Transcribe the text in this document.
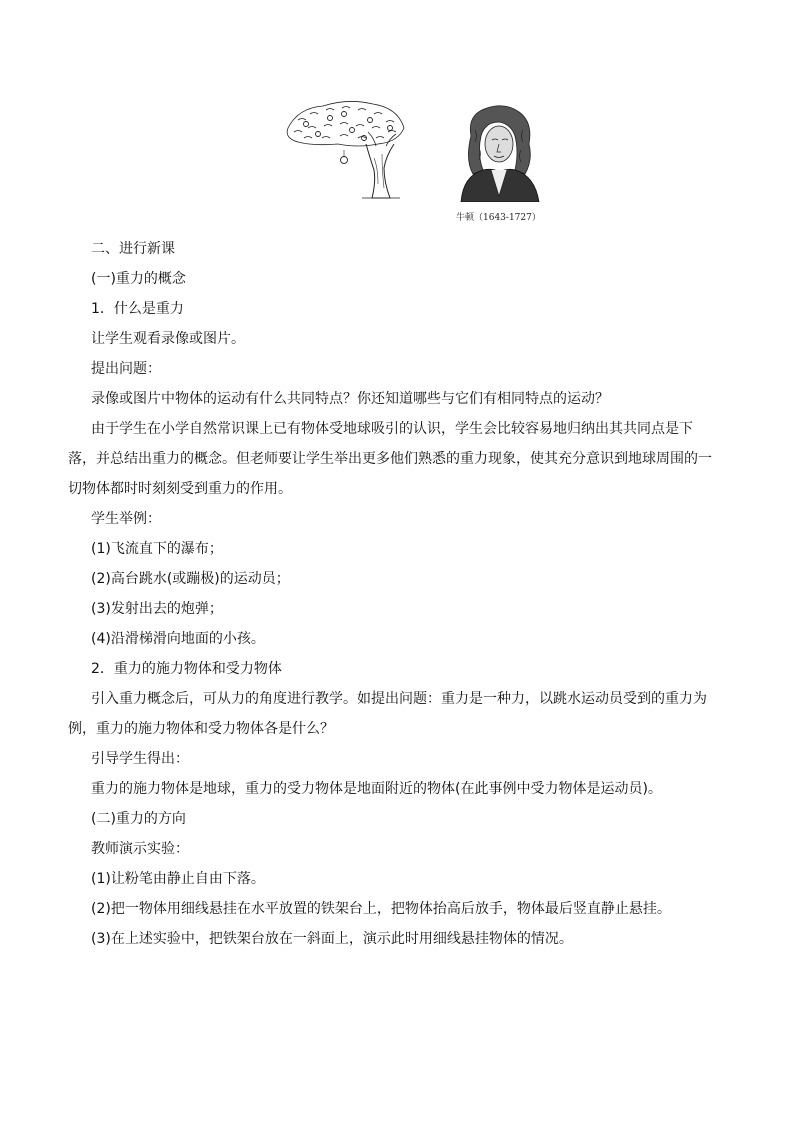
牛顿（1643-1727）

二、进行新课

(一)重力的概念

1．什么是重力

让学生观看录像或图片。

提出问题：

录像或图片中物体的运动有什么共同特点？你还知道哪些与它们有相同特点的运动？

由于学生在小学自然常识课上已有物体受地球吸引的认识，学生会比较容易地归纳出其共同点是下
落，并总结出重力的概念。但老师要让学生举出更多他们熟悉的重力现象，使其充分意识到地球周围的一
切物体都时时刻刻受到重力的作用。

学生举例：

(1)飞流直下的瀑布；

(2)高台跳水(或蹦极)的运动员；

(3)发射出去的炮弹；

(4)沿滑梯滑向地面的小孩。

2．重力的施力物体和受力物体

引入重力概念后，可从力的角度进行教学。如提出问题：重力是一种力，以跳水运动员受到的重力为
例，重力的施力物体和受力物体各是什么？

引导学生得出：

重力的施力物体是地球，重力的受力物体是地面附近的物体(在此事例中受力物体是运动员)。

(二)重力的方向

教师演示实验：

(1)让粉笔由静止自由下落。

(2)把一物体用细线悬挂在水平放置的铁架台上，把物体抬高后放手，物体最后竖直静止悬挂。

(3)在上述实验中，把铁架台放在一斜面上，演示此时用细线悬挂物体的情况。
